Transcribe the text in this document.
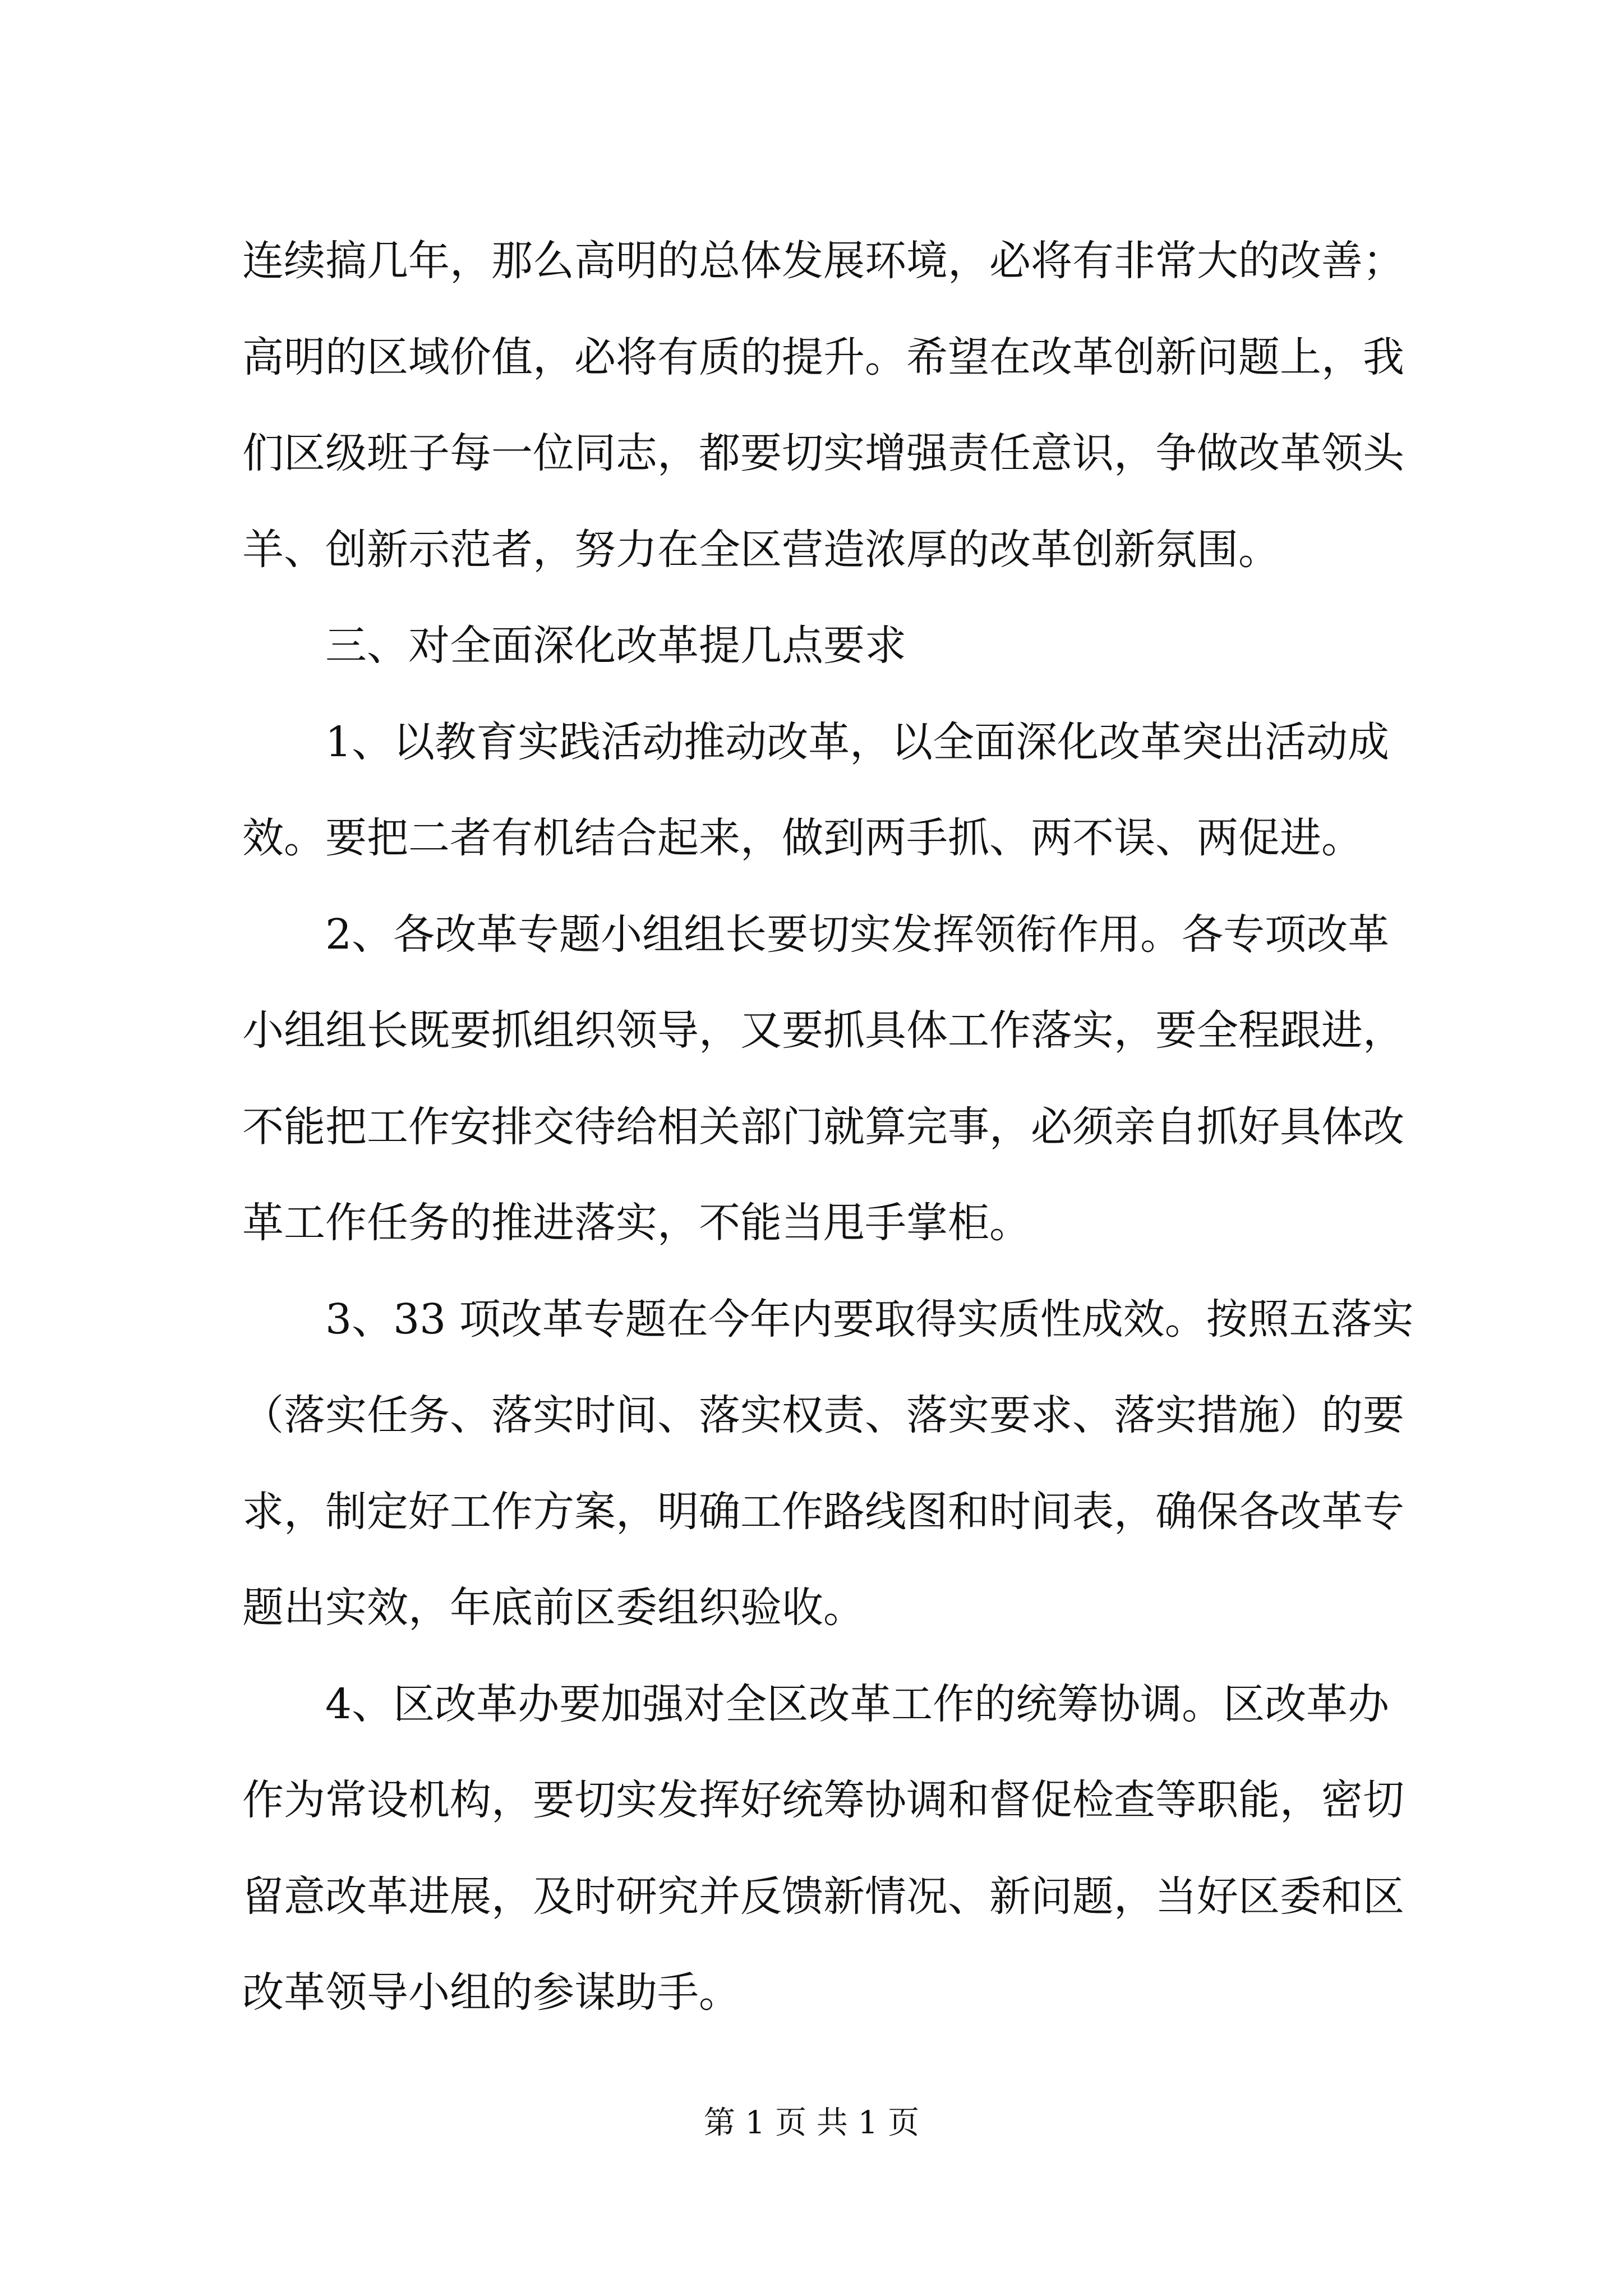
连续搞几年，那么高明的总体发展环境，必将有非常大的改善；
高明的区域价值，必将有质的提升。希望在改革创新问题上，我
们区级班子每一位同志，都要切实增强责任意识，争做改革领头
羊、创新示范者，努力在全区营造浓厚的改革创新氛围。
三、对全面深化改革提几点要求
1、以教育实践活动推动改革，以全面深化改革突出活动成
效。要把二者有机结合起来，做到两手抓、两不误、两促进。
2、各改革专题小组组长要切实发挥领衔作用。各专项改革
小组组长既要抓组织领导，又要抓具体工作落实，要全程跟进，
不能把工作安排交待给相关部门就算完事，必须亲自抓好具体改
革工作任务的推进落实，不能当甩手掌柜。
3、33 项改革专题在今年内要取得实质性成效。按照五落实
（落实任务、落实时间、落实权责、落实要求、落实措施）的要
求，制定好工作方案，明确工作路线图和时间表，确保各改革专
题出实效，年底前区委组织验收。
4、区改革办要加强对全区改革工作的统筹协调。区改革办
作为常设机构，要切实发挥好统筹协调和督促检查等职能，密切
留意改革进展，及时研究并反馈新情况、新问题，当好区委和区
改革领导小组的参谋助手。
第 1 页 共 1 页
